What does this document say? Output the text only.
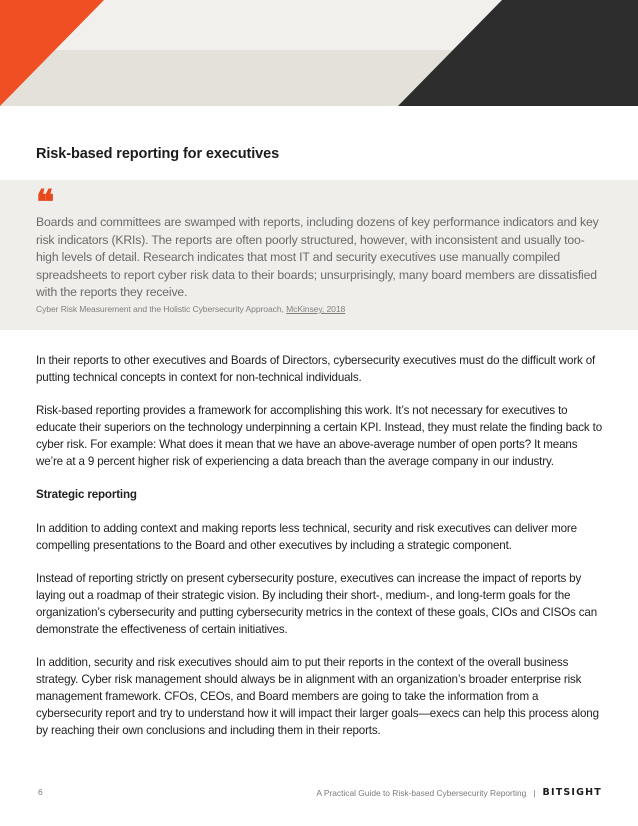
Risk-based reporting for executives
❝
Boards and committees are swamped with reports, including dozens of key performance indicators and key risk indicators (KRIs). The reports are often poorly structured, however, with inconsistent and usually too-high levels of detail. Research indicates that most IT and security executives use manually compiled spreadsheets to report cyber risk data to their boards; unsurprisingly, many board members are dissatisfied with the reports they receive.
Cyber Risk Measurement and the Holistic Cybersecurity Approach, McKinsey, 2018

In their reports to other executives and Boards of Directors, cybersecurity executives must do the difficult work of putting technical concepts in context for non-technical individuals.

Risk-based reporting provides a framework for accomplishing this work. It’s not necessary for executives to educate their superiors on the technology underpinning a certain KPI. Instead, they must relate the finding back to cyber risk. For example: What does it mean that we have an above-average number of open ports? It means we’re at a 9 percent higher risk of experiencing a data breach than the average company in our industry.

Strategic reporting

In addition to adding context and making reports less technical, security and risk executives can deliver more compelling presentations to the Board and other executives by including a strategic component.

Instead of reporting strictly on present cybersecurity posture, executives can increase the impact of reports by laying out a roadmap of their strategic vision. By including their short-, medium-, and long-term goals for the organization’s cybersecurity and putting cybersecurity metrics in the context of these goals, CIOs and CISOs can demonstrate the effectiveness of certain initiatives.

In addition, security and risk executives should aim to put their reports in the context of the overall business strategy. Cyber risk management should always be in alignment with an organization’s broader enterprise risk management framework. CFOs, CEOs, and Board members are going to take the information from a cybersecurity report and try to understand how it will impact their larger goals—execs can help this process along by reaching their own conclusions and including them in their reports.

6	A Practical Guide to Risk-based Cybersecurity Reporting | BITSIGHT
